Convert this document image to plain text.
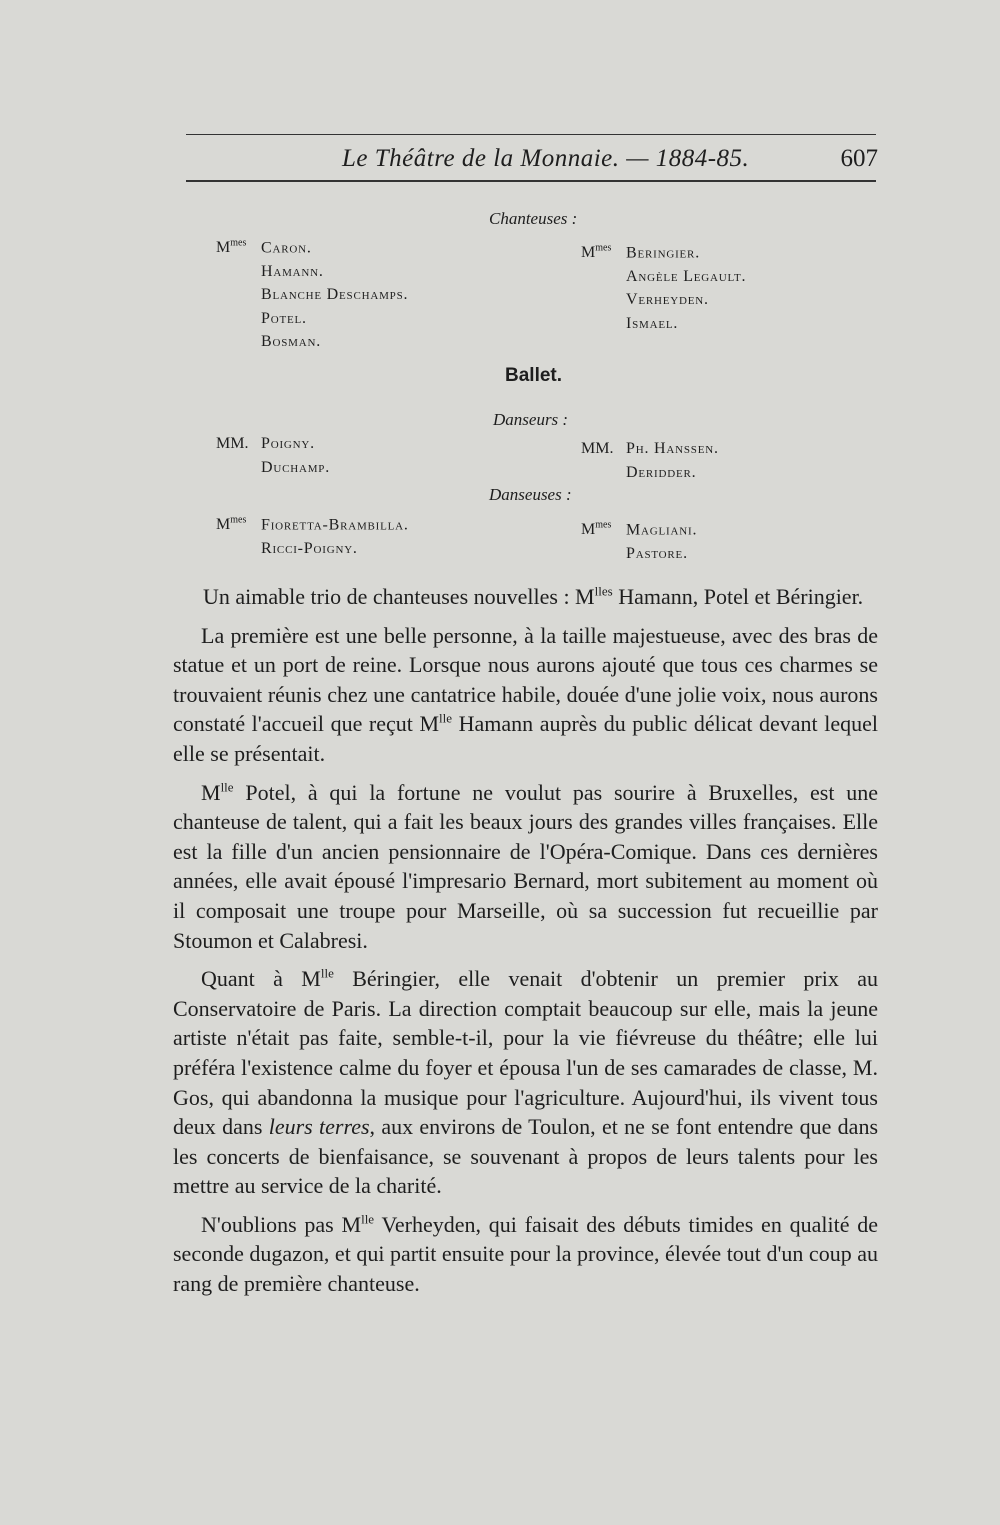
Le Théâtre de la Monnaie. — 1884-85.	607
Chanteuses :
$M^{mes}$ Caron.
Hamann.
Blanche Deschamps.
Potel.
Bosman.
$M^{mes}$ Beringier.
Angèle Legault.
Verheyden.
Ismael.
Ballet.
Danseurs :
MM. Poigny.
Duchamp.
MM. Ph. Hanssen.
Deridder.
Danseuses :
$M^{mes}$ Fioretta-Brambilla.
Ricci-Poigny.
$M^{mes}$ Magliani.
Pastore.

Un aimable trio de chanteuses nouvelles : $M^{lles}$ Hamann, Potel et Béringier.

La première est une belle personne, à la taille majestueuse, avec des bras de statue et un port de reine. Lorsque nous aurons ajouté que tous ces charmes se trouvaient réunis chez une cantatrice habile, douée d'une jolie voix, nous aurons constaté l'accueil que reçut $M^{lle}$ Hamann auprès du public délicat devant lequel elle se présentait.

$M^{lle}$ Potel, à qui la fortune ne voulut pas sourire à Bruxelles, est une chanteuse de talent, qui a fait les beaux jours des grandes villes françaises. Elle est la fille d'un ancien pensionnaire de l'Opéra-Comique. Dans ces dernières années, elle avait épousé l'impresario Bernard, mort subitement au moment où il composait une troupe pour Marseille, où sa succession fut recueillie par Stoumon et Calabresi.

Quant à $M^{lle}$ Béringier, elle venait d'obtenir un premier prix au Conservatoire de Paris. La direction comptait beaucoup sur elle, mais la jeune artiste n'était pas faite, semble-t-il, pour la vie fiévreuse du théâtre; elle lui préféra l'existence calme du foyer et épousa l'un de ses camarades de classe, M. Gos, qui abandonna la musique pour l'agriculture. Aujourd'hui, ils vivent tous deux dans leurs terres, aux environs de Toulon, et ne se font entendre que dans les concerts de bienfaisance, se souvenant à propos de leurs talents pour les mettre au service de la charité.

N'oublions pas $M^{lle}$ Verheyden, qui faisait des débuts timides en qualité de seconde dugazon, et qui partit ensuite pour la province, élevée tout d'un coup au rang de première chanteuse.
